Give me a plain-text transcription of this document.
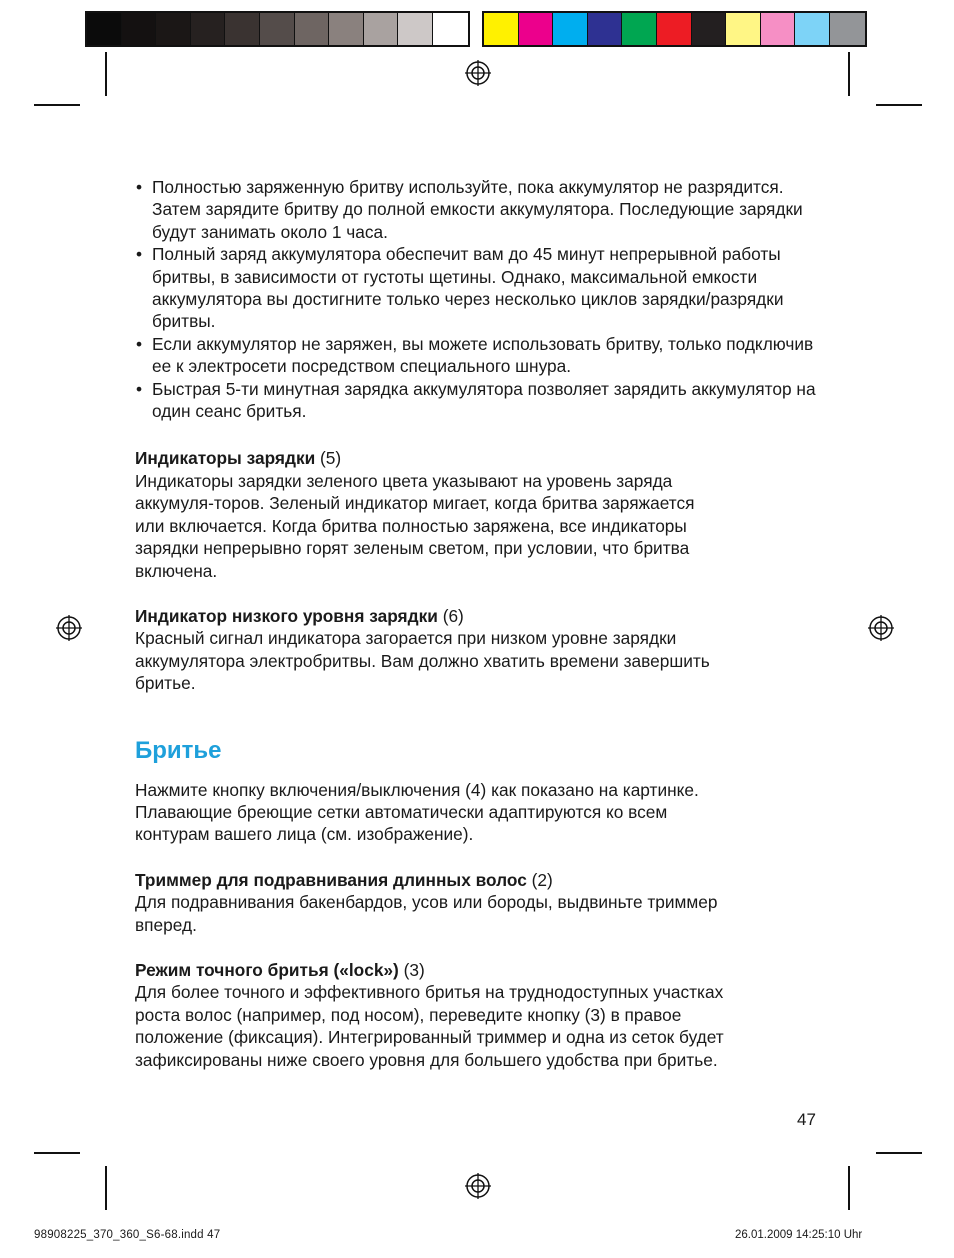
• Полностью заряженную бритву используйте, пока аккумулятор не разрядится. Затем зарядите бритву до полной емкости аккумулятора. Последующие зарядки будут занимать около 1 часа.
• Полный заряд аккумулятора обеспечит вам до 45 минут непрерывной работы бритвы, в зависимости от густоты щетины. Однако, максимальной емкости аккумулятора вы достигните только через несколько циклов зарядки/разрядки бритвы.
• Если аккумулятор не заряжен, вы можете использовать бритву, только подключив ее к электросети посредством специального шнура.
• Быстрая 5-ти минутная зарядка аккумулятора позволяет зарядить аккумулятор на один сеанс бритья.
Индикаторы зарядки (5)
Индикаторы зарядки зеленого цвета указывают на уровень заряда
аккумуля-торов. Зеленый индикатор мигает, когда бритва заряжается
или включается. Когда бритва полностью заряжена, все индикаторы
зарядки непрерывно горят зеленым светом, при условии, что бритва
включена.
Индикатор низкого уровня зарядки (6)
Красный сигнал индикатора загорается при низком уровне зарядки
аккумулятора электробритвы. Вам должно хватить времени завершить
бритье.
Бритье
Нажмите кнопку включения/выключения (4) как показано на картинке.
Плавающие бреющие сетки автоматически адаптируются ко всем
контурам вашего лица (см. изображение).
Триммер для подравнивания длинных волос (2)
Для подравнивания бакенбардов, усов или бороды, выдвиньте триммер
вперед.
Режим точного бритья («lock») (3)
Для более точного и эффективного бритья на труднодоступных участках
роста волос (например, под носом), переведите кнопку (3) в правое
положение (фиксация). Интегрированный триммер и одна из сеток будет
зафиксированы ниже своего уровня для большего удобства при бритье.
47
98908225_370_360_S6-68.indd 47	26.01.2009 14:25:10 Uhr
